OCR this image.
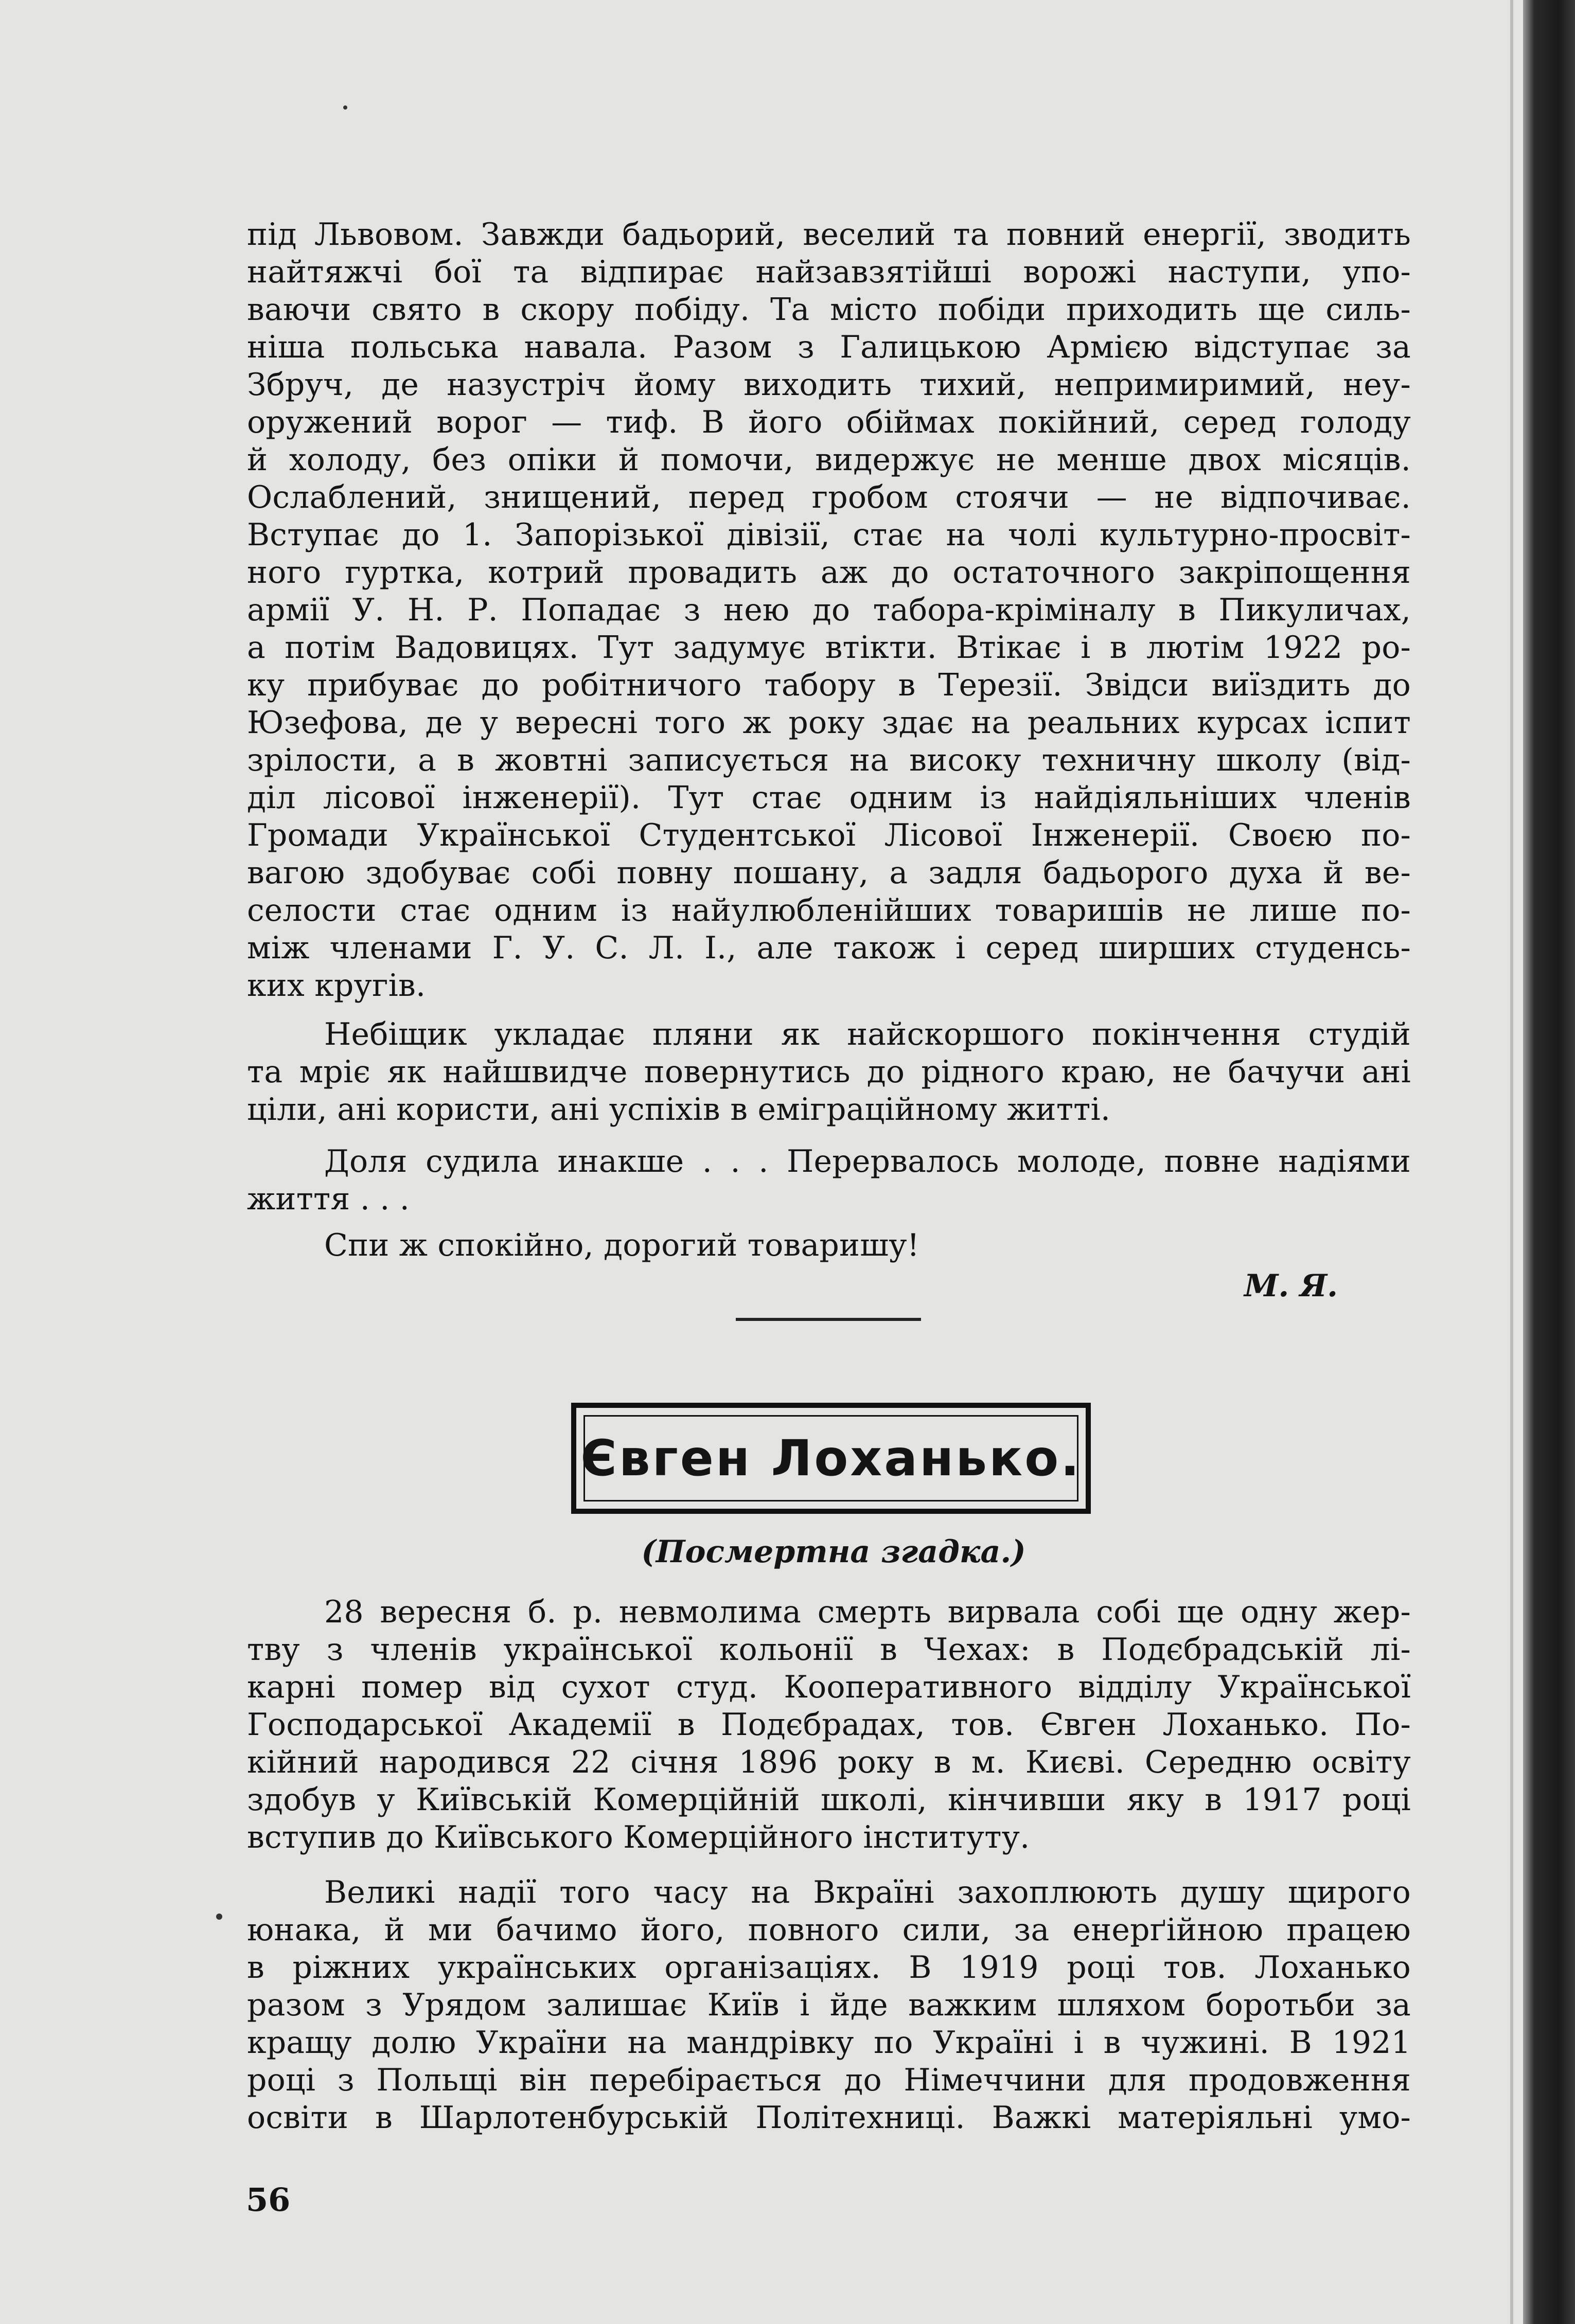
під Львовом. Завжди бадьорий, веселий та повний енергії, зводить
найтяжчі бої та відпирає найзавзятійші ворожі наступи, упо-
ваючи свято в скору побіду. Та місто побіди приходить ще силь-
ніша польська навала. Разом з Галицькою Армією відступає за
Збруч, де назустріч йому виходить тихий, непримиримий, неу-
оружений ворог — тиф. В його обіймах покійний, серед голоду
й холоду, без опіки й помочи, видержує не менше двох місяців.
Ослаблений, знищений, перед гробом стоячи — не відпочиває.
Вступає до 1. Запорізької дівізії, стає на чолі культурно-просвіт-
ного гуртка, котрий провадить аж до остаточного закріпощення
армії У. Н. Р. Попадає з нею до табора-крімiналу в Пикуличах,
а потім Вадовицях. Тут задумує втікти. Втікає і в лютім 1922 ро-
ку прибуває до робітничого табору в Терезії. Звідси виїздить до
Юзефова, де у вересні того ж року здає на реальних курсах іспит
зрілости, а в жовтні записується на високу техничну школу (від-
діл лісової інженерії). Тут стає одним із найдіяльніших членів
Громади Української Студентської Лісової Інженерії. Своєю по-
вагою здобуває собі повну пошану, а задля бадьорого духа й ве-
селости стає одним із найулюбленійших товаришів не лише по-
між членами Г. У. С. Л. І., але також і серед ширших студенсь-
ких кругів.
Небіщик укладає пляни як найскоршого покінчення студій
та мріє як найшвидче повернутись до рідного краю, не бачучи ані
цiли, ані користи, ані успіхів в еміграційному житті.
Доля судила инакше . . . Перервалось молоде, повне надіями
життя . . .
Спи ж спокійно, дорогий товаришу!
М. Я.
Євген Лоханько.
(Посмертна згадка.)
28 вересня б. р. невмолима смерть вирвала собі ще одну жер-
тву з членів української кольонії в Чехах: в Подєбрадській лі-
карні помер від сухот студ. Кооперативного відділу Української
Господарської Академії в Подєбрадах, тов. Євген Лоханько. По-
кійний народився 22 січня 1896 року в м. Києві. Середню освіту
здобув у Київській Комерційній школі, кінчивши яку в 1917 році
вступив до Київського Комерційного інституту.
Великі надії того часу на Вкраїні захоплюють душу щирого
юнака, й ми бачимо його, повного сили, за енерґійною працею
в ріжних українських організаціях. В 1919 році тов. Лоханько
разом з Урядом залишає Київ і йде важким шляхом боротьби за
кращу долю України на мандрівку по Україні і в чужині. В 1921
році з Польщі він перебірається до Німеччини для продовження
освіти в Шарлотенбурській Політехниці. Важкі матеріяльні умо-
56
